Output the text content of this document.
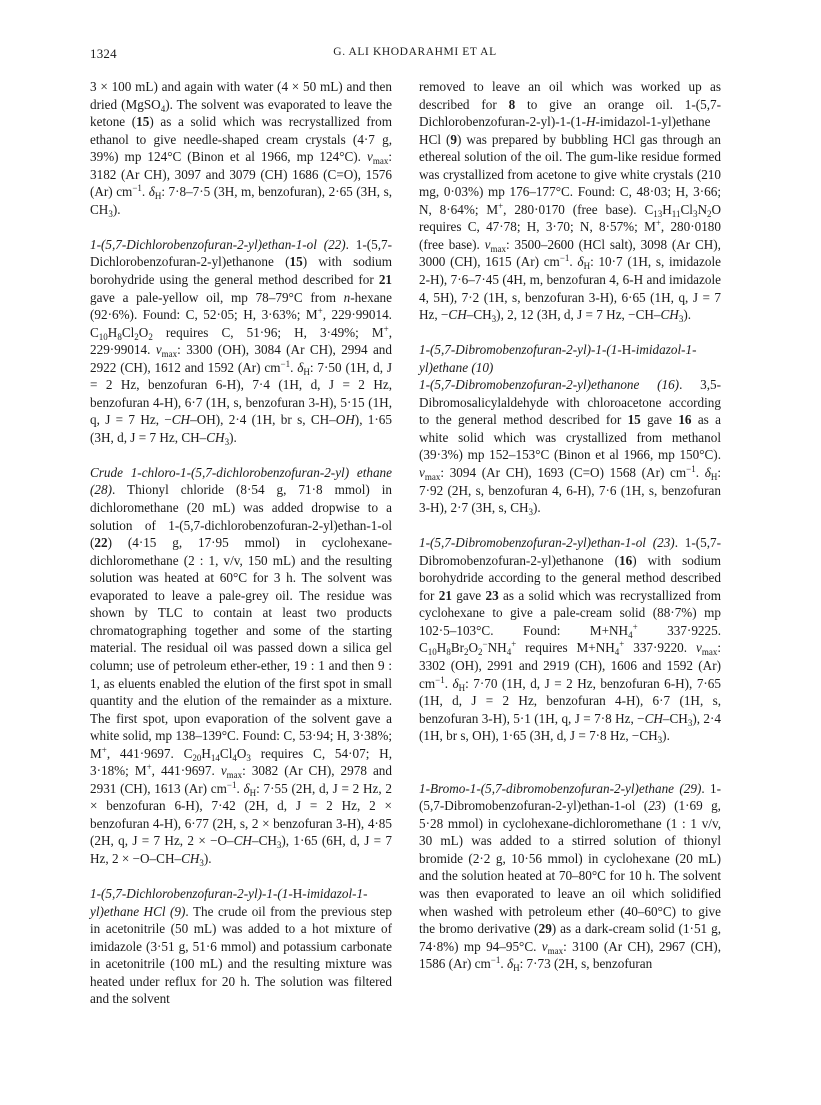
1324	G. ALI KHODARAHMI ET AL

3 × 100 mL) and again with water (4 × 50 mL) and then dried (MgSO$_4$). The solvent was evaporated to leave the ketone (15) as a solid which was recrystallized from ethanol to give needle-shaped cream crystals (4·7 g, 39%) mp 124°C (Binon et al 1966, mp 124°C). $\nu_{max}$: 3182 (Ar CH), 3097 and 3079 (CH) 1686 (C=O), 1576 (Ar) $cm^{-1}$. $\delta_H$: 7·8–7·5 (3H, m, benzofuran), 2·65 (3H, s, $CH_3$).

1-(5,7-Dichlorobenzofuran-2-yl)ethan-1-ol (22). 1-(5,7-Dichlorobenzofuran-2-yl)ethanone (15) with sodium borohydride using the general method described for 21 gave a pale-yellow oil, mp 78–79°C from n-hexane (92·6%). Found: C, 52·05; H, 3·63%; M+, 229·99014. $C_{10}H_8Cl_2O_2$ requires C, 51·96; H, 3·49%; M+, 229·99014. $\nu_{max}$: 3300 (OH), 3084 (Ar CH), 2994 and 2922 (CH), 1612 and 1592 (Ar) $cm^{-1}$. $\delta_H$: 7·50 (1H, d, J = 2 Hz, benzofuran 6-H), 7·4 (1H, d, J = 2 Hz, benzofuran 4-H), 6·7 (1H, s, benzofuran 3-H), 5·15 (1H, q, J = 7 Hz, −CH–OH), 2·4 (1H, br s, CH–OH), 1·65 (3H, d, J = 7 Hz, $CH-CH_3$).

Crude 1-chloro-1-(5,7-dichlorobenzofuran-2-yl) ethane (28). Thionyl chloride (8·54 g, 71·8 mmol) in dichloromethane (20 mL) was added dropwise to a solution of 1-(5,7-dichlorobenzofuran-2-yl)ethan-1-ol (22) (4·15 g, 17·95 mmol) in cyclohexane-dichloromethane (2 : 1, v/v, 150 mL) and the resulting solution was heated at 60°C for 3 h. The solvent was evaporated to leave a pale-grey oil. The residue was shown by TLC to contain at least two products chromatographing together and some of the starting material. The residual oil was passed down a silica gel column; use of petroleum ether-ether, 19 : 1 and then 9 : 1, as eluents enabled the elution of the first spot in small quantity and the elution of the remainder as a mixture. The first spot, upon evaporation of the solvent gave a white solid, mp 138–139°C. Found: C, 53·94; H, 3·38%; M+, 441·9697. $C_{20}H_{14}Cl_4O_3$ requires C, 54·07; H, 3·18%; M+, 441·9697. $\nu_{max}$: 3082 (Ar CH), 2978 and 2931 (CH), 1613 (Ar) $cm^{-1}$. $\delta_H$: 7·55 (2H, d, J = 2 Hz, 2 × benzofuran 6-H), 7·42 (2H, d, J = 2 Hz, 2 × benzofuran 4-H), 6·77 (2H, s, 2 × benzofuran 3-H), 4·85 (2H, q, J = 7 Hz, $2 \times -O-CH-CH_3$), 1·65 (6H, d, J = 7 Hz, $2 \times -O-CH-CH_3$).

1-(5,7-Dichlorobenzofuran-2-yl)-1-(1-H-imidazol-1-yl)ethane HCl (9). The crude oil from the previous step in acetonitrile (50 mL) was added to a hot mixture of imidazole (3·51 g, 51·6 mmol) and potassium carbonate in acetonitrile (100 mL) and the resulting mixture was heated under reflux for 20 h. The solution was filtered and the solvent

removed to leave an oil which was worked up as described for 8 to give an orange oil. 1-(5,7-Dichlorobenzofuran-2-yl)-1-(1-H-imidazol-1-yl)ethane HCl (9) was prepared by bubbling HCl gas through an ethereal solution of the oil. The gum-like residue formed was crystallized from acetone to give white crystals (210 mg, 0·03%) mp 176–177°C. Found: C, 48·03; H, 3·66; N, 8·64%; M+, 280·0170 (free base). $C_{13}H_{11}Cl_3N_2O$ requires C, 47·78; H, 3·70; N, 8·57%; M+, 280·0180 (free base). $\nu_{max}$: 3500–2600 (HCl salt), 3098 (Ar CH), 3000 (CH), 1615 (Ar) $cm^{-1}$. $\delta_H$: 10·7 (1H, s, imidazole 2-H), 7·6–7·45 (4H, m, benzofuran 4, 6-H and imidazole 4, 5H), 7·2 (1H, s, benzofuran 3-H), 6·65 (1H, q, J = 7 Hz, $-CH-CH_3$), 2, 12 (3H, d, J = 7 Hz, $-CH-CH_3$).

1-(5,7-Dibromobenzofuran-2-yl)-1-(1-H-imidazol-1-yl)ethane (10)

1-(5,7-Dibromobenzofuran-2-yl)ethanone (16). 3,5-Dibromosalicylaldehyde with chloroacetone according to the general method described for 15 gave 16 as a white solid which was crystallized from methanol (39·3%) mp 152–153°C (Binon et al 1966, mp 150°C). $\nu_{max}$: 3094 (Ar CH), 1693 (C=O) 1568 (Ar) $cm^{-1}$. $\delta_H$: 7·92 (2H, s, benzofuran 4, 6-H), 7·6 (1H, s, benzofuran 3-H), 2·7 (3H, s, $CH_3$).

1-(5,7-Dibromobenzofuran-2-yl)ethan-1-ol (23). 1-(5,7-Dibromobenzofuran-2-yl)ethanone (16) with sodium borohydride according to the general method described for 21 gave 23 as a solid which was recrystallized from cyclohexane to give a pale-cream solid (88·7%) mp 102·5–103°C. Found: $M+NH_4^+$ 337·9225. $C_{10}H_8Br_2O_2^-NH_4^+$ requires $M+NH_4^+$ 337·9220. $\nu_{max}$: 3302 (OH), 2991 and 2919 (CH), 1606 and 1592 (Ar) $cm^{-1}$. $\delta_H$: 7·70 (1H, d, J = 2 Hz, benzofuran 6-H), 7·65 (1H, d, J = 2 Hz, benzofuran 4-H), 6·7 (1H, s, benzofuran 3-H), 5·1 (1H, q, J = 7·8 Hz, $-CH-CH_3$), 2·4 (1H, br s, OH), 1·65 (3H, d, J = 7·8 Hz, $-CH_3$).

1-Bromo-1-(5,7-dibromobenzofuran-2-yl)ethane (29). 1-(5,7-Dibromobenzofuran-2-yl)ethan-1-ol (23) (1·69 g, 5·28 mmol) in cyclohexane-dichloromethane (1 : 1 v/v, 30 mL) was added to a stirred solution of thionyl bromide (2·2 g, 10·56 mmol) in cyclohexane (20 mL) and the solution heated at 70–80°C for 10 h. The solvent was then evaporated to leave an oil which solidified when washed with petroleum ether (40–60°C) to give the bromo derivative (29) as a dark-cream solid (1·51 g, 74·8%) mp 94–95°C. $\nu_{max}$: 3100 (Ar CH), 2967 (CH), 1586 (Ar) $cm^{-1}$. $\delta_H$: 7·73 (2H, s, benzofuran
